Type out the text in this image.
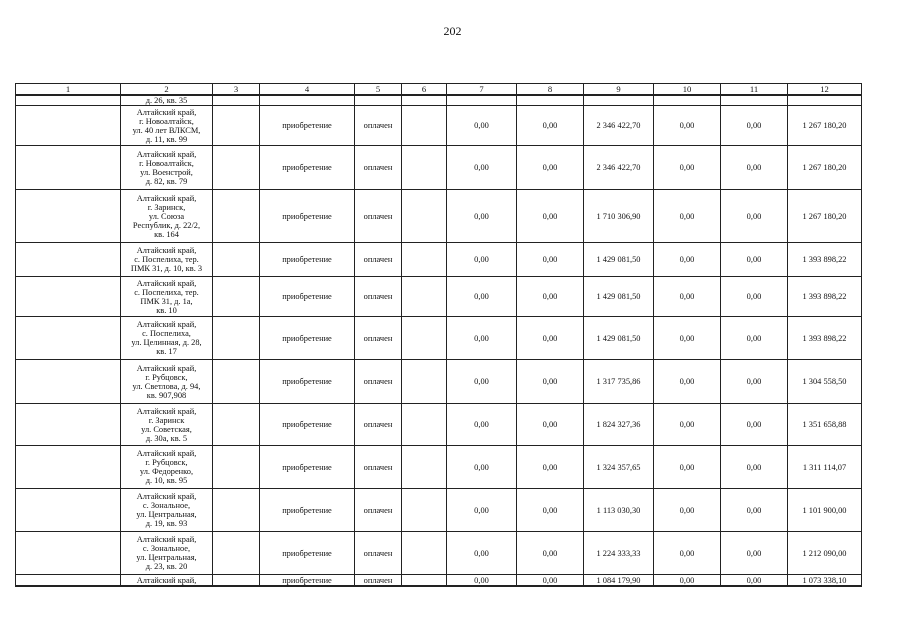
202
1	2	3	4	5	6	7	8	9	10	11	12
	д. 26, кв. 35										
	Алтайский край,
г. Новоалтайск,
ул. 40 лет ВЛКСМ,
д. 11, кв. 99		приобретение	оплачен		0,00	0,00	2 346 422,70	0,00	0,00	1 267 180,20
	Алтайский край,
г. Новоалтайск,
ул. Военстрой,
д. 82, кв. 79		приобретение	оплачен		0,00	0,00	2 346 422,70	0,00	0,00	1 267 180,20
	Алтайский край,
г. Заринск,
ул. Союза
Республик, д. 22/2,
кв. 164		приобретение	оплачен		0,00	0,00	1 710 306,90	0,00	0,00	1 267 180,20
	Алтайский край,
с. Поспелиха, тер.
ПМК 31, д. 10, кв. 3		приобретение	оплачен		0,00	0,00	1 429 081,50	0,00	0,00	1 393 898,22
	Алтайский край,
с. Поспелиха, тер.
ПМК 31, д. 1а,
кв. 10		приобретение	оплачен		0,00	0,00	1 429 081,50	0,00	0,00	1 393 898,22
	Алтайский край,
с. Поспелиха,
ул. Целинная, д. 28,
кв. 17		приобретение	оплачен		0,00	0,00	1 429 081,50	0,00	0,00	1 393 898,22
	Алтайский край,
г. Рубцовск,
ул. Светлова, д. 94,
кв. 907,908		приобретение	оплачен		0,00	0,00	1 317 735,86	0,00	0,00	1 304 558,50
	Алтайский край,
г. Заринск
ул. Советская,
д. 30а, кв. 5		приобретение	оплачен		0,00	0,00	1 824 327,36	0,00	0,00	1 351 658,88
	Алтайский край,
г. Рубцовск,
ул. Федоренко,
д. 10, кв. 95		приобретение	оплачен		0,00	0,00	1 324 357,65	0,00	0,00	1 311 114,07
	Алтайский край,
с. Зональное,
ул. Центральная,
д. 19, кв. 93		приобретение	оплачен		0,00	0,00	1 113 030,30	0,00	0,00	1 101 900,00
	Алтайский край,
с. Зональное,
ул. Центральная,
д. 23, кв. 20		приобретение	оплачен		0,00	0,00	1 224 333,33	0,00	0,00	1 212 090,00
	Алтайский край,		приобретение	оплачен		0,00	0,00	1 084 179,90	0,00	0,00	1 073 338,10
